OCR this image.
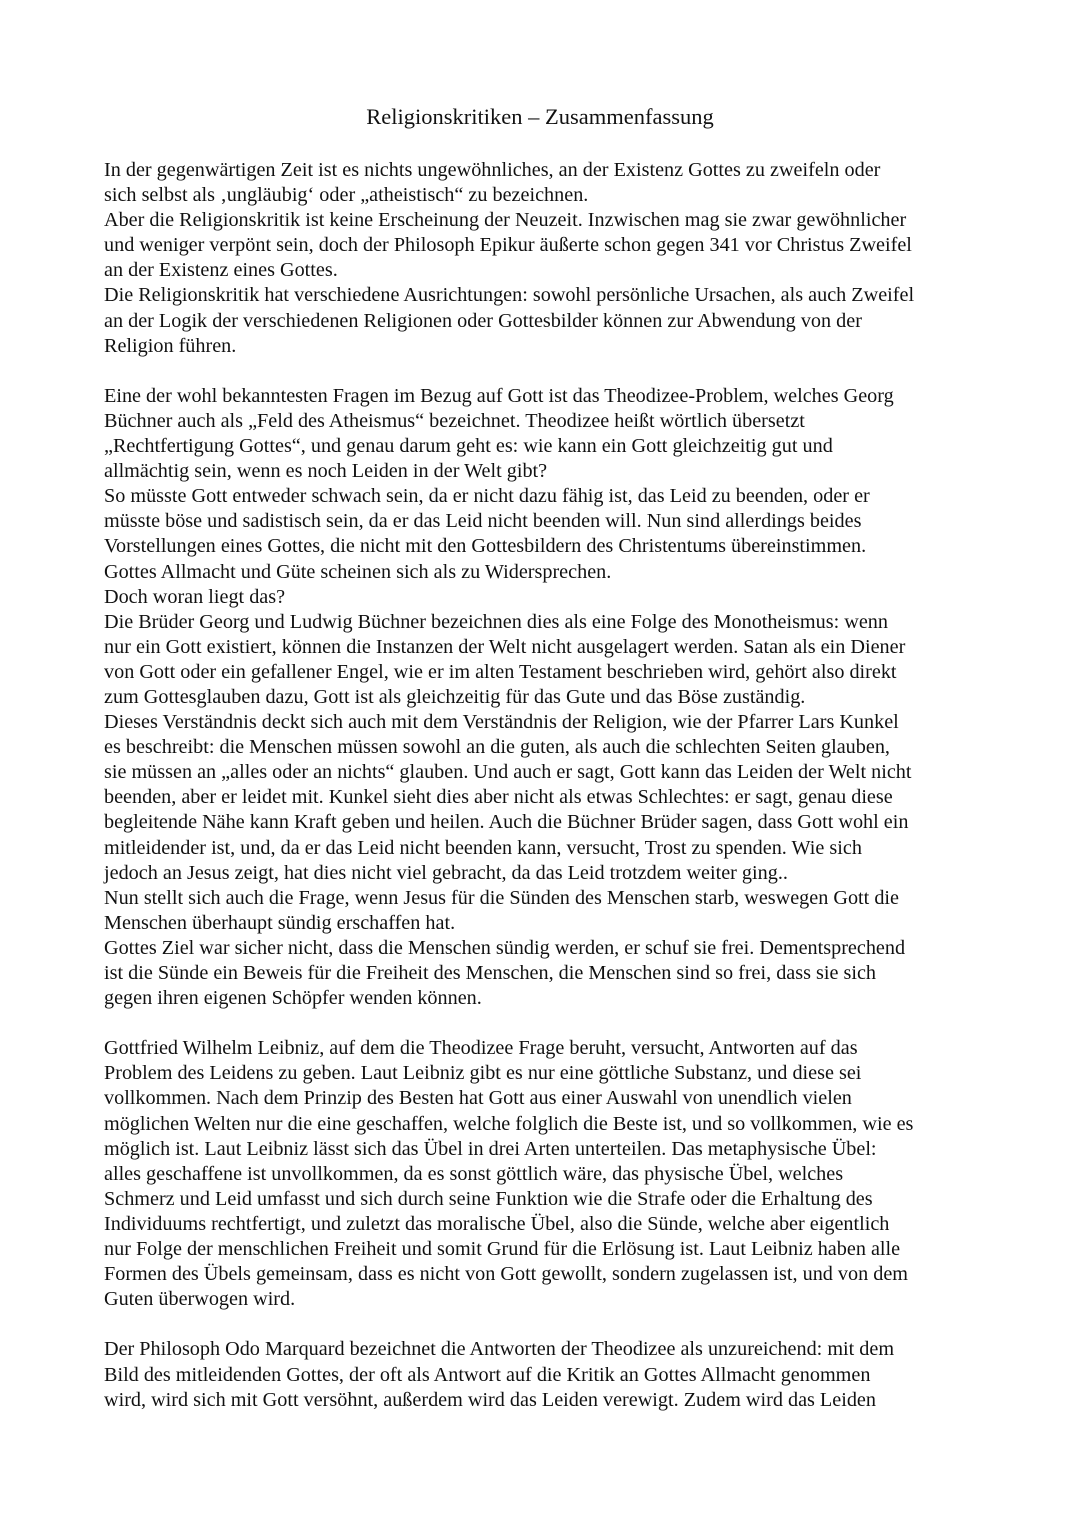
Religionskritiken – Zusammenfassung

In der gegenwärtigen Zeit ist es nichts ungewöhnliches, an der Existenz Gottes zu zweifeln oder
sich selbst als ‚ungläubig‘ oder „atheistisch“ zu bezeichnen.
Aber die Religionskritik ist keine Erscheinung der Neuzeit. Inzwischen mag sie zwar gewöhnlicher
und weniger verpönt sein, doch der Philosoph Epikur äußerte schon gegen 341 vor Christus Zweifel
an der Existenz eines Gottes.
Die Religionskritik hat verschiedene Ausrichtungen: sowohl persönliche Ursachen, als auch Zweifel
an der Logik der verschiedenen Religionen oder Gottesbilder können zur Abwendung von der
Religion führen.

Eine der wohl bekanntesten Fragen im Bezug auf Gott ist das Theodizee-Problem, welches Georg
Büchner auch als „Feld des Atheismus“ bezeichnet. Theodizee heißt wörtlich übersetzt
„Rechtfertigung Gottes“, und genau darum geht es: wie kann ein Gott gleichzeitig gut und
allmächtig sein, wenn es noch Leiden in der Welt gibt?
So müsste Gott entweder schwach sein, da er nicht dazu fähig ist, das Leid zu beenden, oder er
müsste böse und sadistisch sein, da er das Leid nicht beenden will. Nun sind allerdings beides
Vorstellungen eines Gottes, die nicht mit den Gottesbildern des Christentums übereinstimmen.
Gottes Allmacht und Güte scheinen sich als zu Widersprechen.
Doch woran liegt das?
Die Brüder Georg und Ludwig Büchner bezeichnen dies als eine Folge des Monotheismus: wenn
nur ein Gott existiert, können die Instanzen der Welt nicht ausgelagert werden. Satan als ein Diener
von Gott oder ein gefallener Engel, wie er im alten Testament beschrieben wird, gehört also direkt
zum Gottesglauben dazu, Gott ist als gleichzeitig für das Gute und das Böse zuständig.
Dieses Verständnis deckt sich auch mit dem Verständnis der Religion, wie der Pfarrer Lars Kunkel
es beschreibt: die Menschen müssen sowohl an die guten, als auch die schlechten Seiten glauben,
sie müssen an „alles oder an nichts“ glauben. Und auch er sagt, Gott kann das Leiden der Welt nicht
beenden, aber er leidet mit. Kunkel sieht dies aber nicht als etwas Schlechtes: er sagt, genau diese
begleitende Nähe kann Kraft geben und heilen. Auch die Büchner Brüder sagen, dass Gott wohl ein
mitleidender ist, und, da er das Leid nicht beenden kann, versucht, Trost zu spenden. Wie sich
jedoch an Jesus zeigt, hat dies nicht viel gebracht, da das Leid trotzdem weiter ging..
Nun stellt sich auch die Frage, wenn Jesus für die Sünden des Menschen starb, weswegen Gott die
Menschen überhaupt sündig erschaffen hat.
Gottes Ziel war sicher nicht, dass die Menschen sündig werden, er schuf sie frei. Dementsprechend
ist die Sünde ein Beweis für die Freiheit des Menschen, die Menschen sind so frei, dass sie sich
gegen ihren eigenen Schöpfer wenden können.

Gottfried Wilhelm Leibniz, auf dem die Theodizee Frage beruht, versucht, Antworten auf das
Problem des Leidens zu geben. Laut Leibniz gibt es nur eine göttliche Substanz, und diese sei
vollkommen. Nach dem Prinzip des Besten hat Gott aus einer Auswahl von unendlich vielen
möglichen Welten nur die eine geschaffen, welche folglich die Beste ist, und so vollkommen, wie es
möglich ist. Laut Leibniz lässt sich das Übel in drei Arten unterteilen. Das metaphysische Übel:
alles geschaffene ist unvollkommen, da es sonst göttlich wäre, das physische Übel, welches
Schmerz und Leid umfasst und sich durch seine Funktion wie die Strafe oder die Erhaltung des
Individuums rechtfertigt, und zuletzt das moralische Übel, also die Sünde, welche aber eigentlich
nur Folge der menschlichen Freiheit und somit Grund für die Erlösung ist. Laut Leibniz haben alle
Formen des Übels gemeinsam, dass es nicht von Gott gewollt, sondern zugelassen ist, und von dem
Guten überwogen wird.

Der Philosoph Odo Marquard bezeichnet die Antworten der Theodizee als unzureichend: mit dem
Bild des mitleidenden Gottes, der oft als Antwort auf die Kritik an Gottes Allmacht genommen
wird, wird sich mit Gott versöhnt, außerdem wird das Leiden verewigt. Zudem wird das Leiden
